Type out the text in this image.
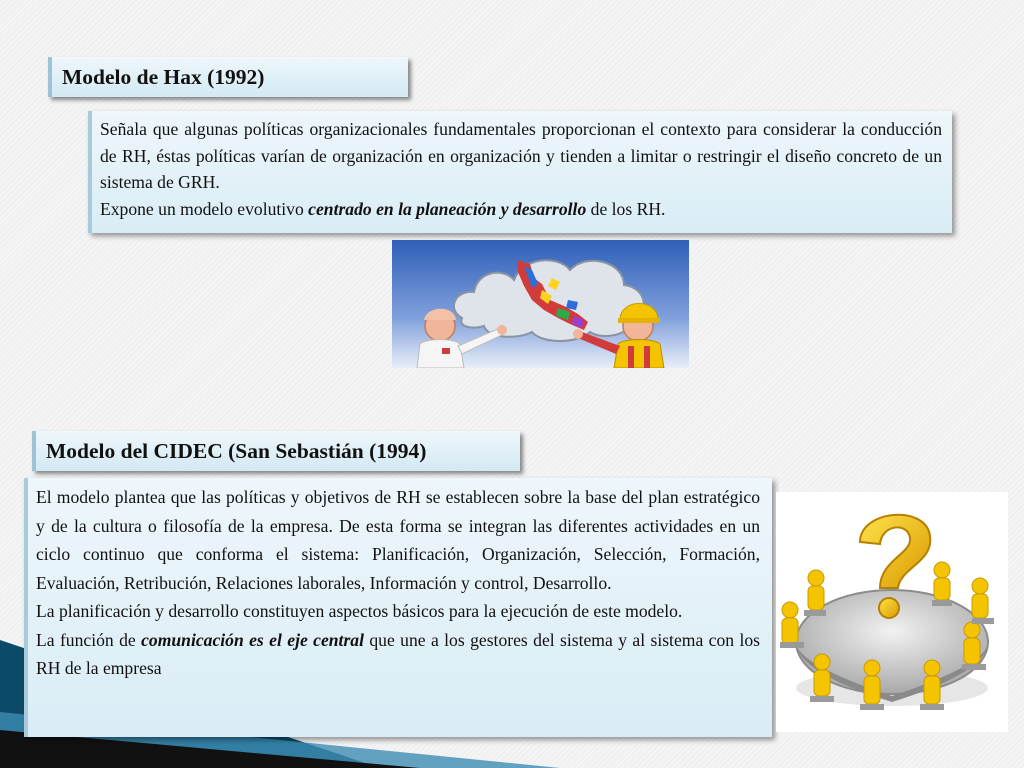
Modelo de Hax (1992)

Señala que algunas políticas organizacionales fundamentales proporcionan el contexto para considerar la conducción de RH, éstas políticas varían de organización en organización y tienden a limitar o restringir el diseño concreto de un sistema de GRH.

Expone un modelo evolutivo centrado en la planeación y desarrollo de los RH.

Modelo del CIDEC (San Sebastián (1994)

El modelo plantea que las políticas y objetivos de RH se establecen sobre la base del plan estratégico y de la cultura o filosofía de la empresa. De esta forma se integran las diferentes actividades en un ciclo continuo que conforma el sistema: Planificación, Organización, Selección, Formación, Evaluación, Retribución, Relaciones laborales, Información y control, Desarrollo.

La planificación y desarrollo constituyen aspectos básicos para la ejecución de este modelo.

La función de comunicación es el eje central que une a los gestores del sistema y al sistema con los RH de la empresa
